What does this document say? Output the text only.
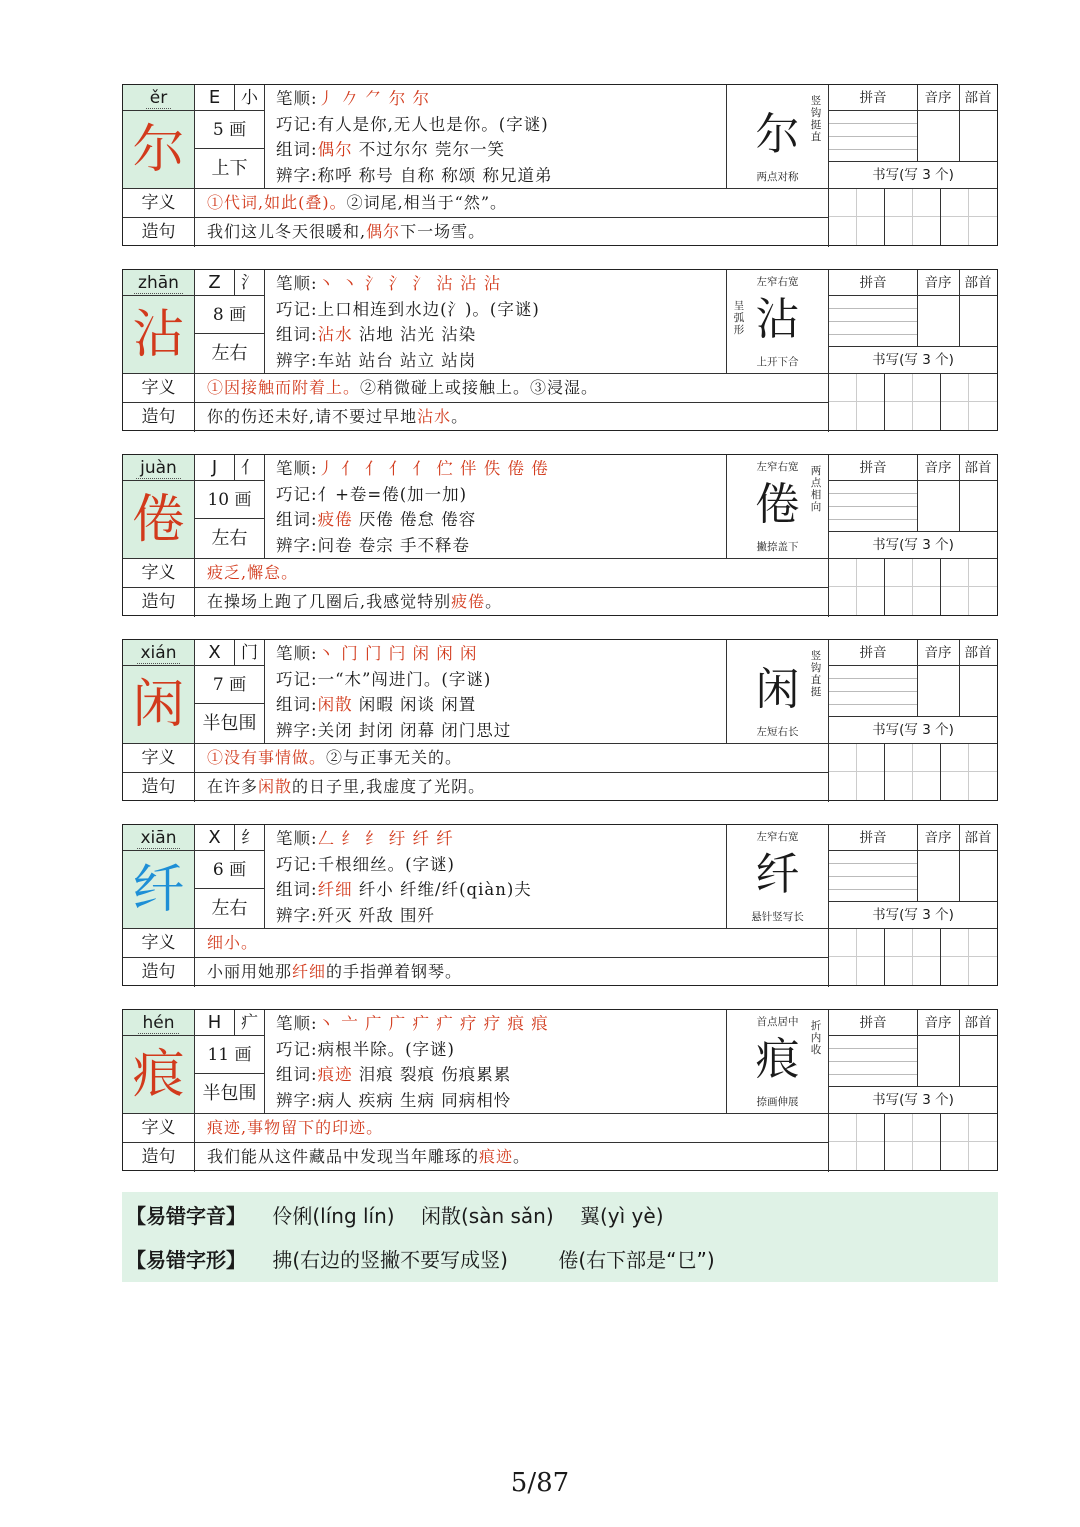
ěr
尔
E	小
5 画
上下
笔顺:丿 𠂊 ⺈ 尔 尔
巧记:有人是你,无人也是你。(字谜)
组词:偶尔 不过尔尔 莞尔一笑
辨字:称呼 称号 自称 称颂 称兄道弟
尔
竖钩挺直
两点对称
拼音	音序 部首
书写(写 3 个)
字义	①代词,如此(叠)。②词尾,相当于“然”。
造句	我们这儿冬天很暖和,偶尔下一场雪。
zhān
沾
Z	氵
8 画
左右
笔顺:丶 丶 氵 氵 氵 沾 沾 沾
巧记:上口相连到水边(氵)。(字谜)
组词:沾水 沾地 沾光 沾染
辨字:车站 站台 站立 站岗
左窄右宽
沾
呈弧形
上开下合
拼音	音序 部首
书写(写 3 个)
字义	①因接触而附着上。②稍微碰上或接触上。③浸湿。
造句	你的伤还未好,请不要过早地沾水。
juàn
倦
J	亻
10 画
左右
笔顺:丿 亻 亻 亻 亻 伫 伴 佚 倦 倦
巧记:亻+卷=倦(加一加)
组词:疲倦 厌倦 倦怠 倦容
辨字:问卷 卷宗 手不释卷
左窄右宽
倦
两点相向
撇捺盖下
拼音	音序 部首
书写(写 3 个)
字义	疲乏,懈怠。
造句	在操场上跑了几圈后,我感觉特别疲倦。
xián
闲
X	门
7 画
半包围
笔顺:丶 门 门 闩 闲 闲 闲
巧记:一“木”闯进门。(字谜)
组词:闲散 闲暇 闲谈 闲置
辨字:关闭 封闭 闭幕 闭门思过
闲
竖钩直挺
左短右长
拼音	音序 部首
书写(写 3 个)
字义	①没有事情做。②与正事无关的。
造句	在许多闲散的日子里,我虚度了光阴。
xiān
纤
X	纟
6 画
左右
笔顺:𠃋 纟 纟 纡 纤 纤
巧记:千根细丝。(字谜)
组词:纤细 纤小 纤维/纤(qiàn)夫
辨字:歼灭 歼敌 围歼
左窄右宽
纤
悬针竖写长
拼音	音序 部首
书写(写 3 个)
字义	细小。
造句	小丽用她那纤细的手指弹着钢琴。
hén
痕
H	疒
11 画
半包围
笔顺:丶 亠 广 广 疒 疒 疗 疗 痕 痕
巧记:病根半除。(字谜)
组词:痕迹 泪痕 裂痕 伤痕累累
辨字:病人 疾病 生病 同病相怜
首点居中
痕
折内收
捺画伸展
拼音	音序 部首
书写(写 3 个)
字义	痕迹,事物留下的印迹。
造句	我们能从这件藏品中发现当年雕琢的痕迹。
【易错字音】 伶俐(líng lín) 闲散(sàn sǎn) 翼(yì yè)
【易错字形】 拂(右边的竖撇不要写成竖)	倦(右下部是“㔾”)
5/87
